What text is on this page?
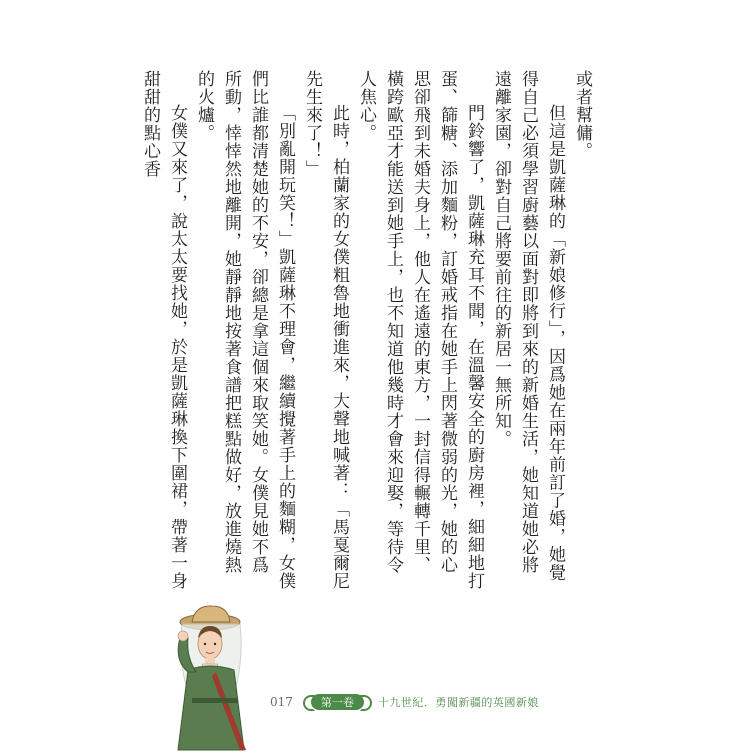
或者幫傭。

但這是凱薩琳的「新娘修行」，因爲她在兩年前訂了婚，她覺得自己必須學習廚藝以面對即將到來的新婚生活，她知道她必將遠離家園，卻對自己將要前往的新居一無所知。

門鈴響了，凱薩琳充耳不聞，在溫馨安全的廚房裡，細細地打蛋、篩糖、添加麵粉，訂婚戒指在她手上閃著微弱的光，她的心思卻飛到未婚夫身上，他人在遙遠的東方，一封信得輾轉千里、橫跨歐亞才能送到她手上，也不知道他幾時才會來迎娶，等待令人焦心。

此時，柏蘭家的女僕粗魯地衝進來，大聲地喊著：「馬戛爾尼先生來了！」

「別亂開玩笑！」凱薩琳不理會，繼續攪著手上的麵糊，女僕們比誰都清楚她的不安，卻總是拿這個來取笑她。女僕見她不爲所動，悻悻然地離開，她靜靜地按著食譜把糕點做好，放進燒熱的火爐。

女僕又來了，說太太要找她，於是凱薩琳換下圍裙，帶著一身甜甜的點心香

017	第一卷	十九世紀．勇闖新疆的英國新娘
